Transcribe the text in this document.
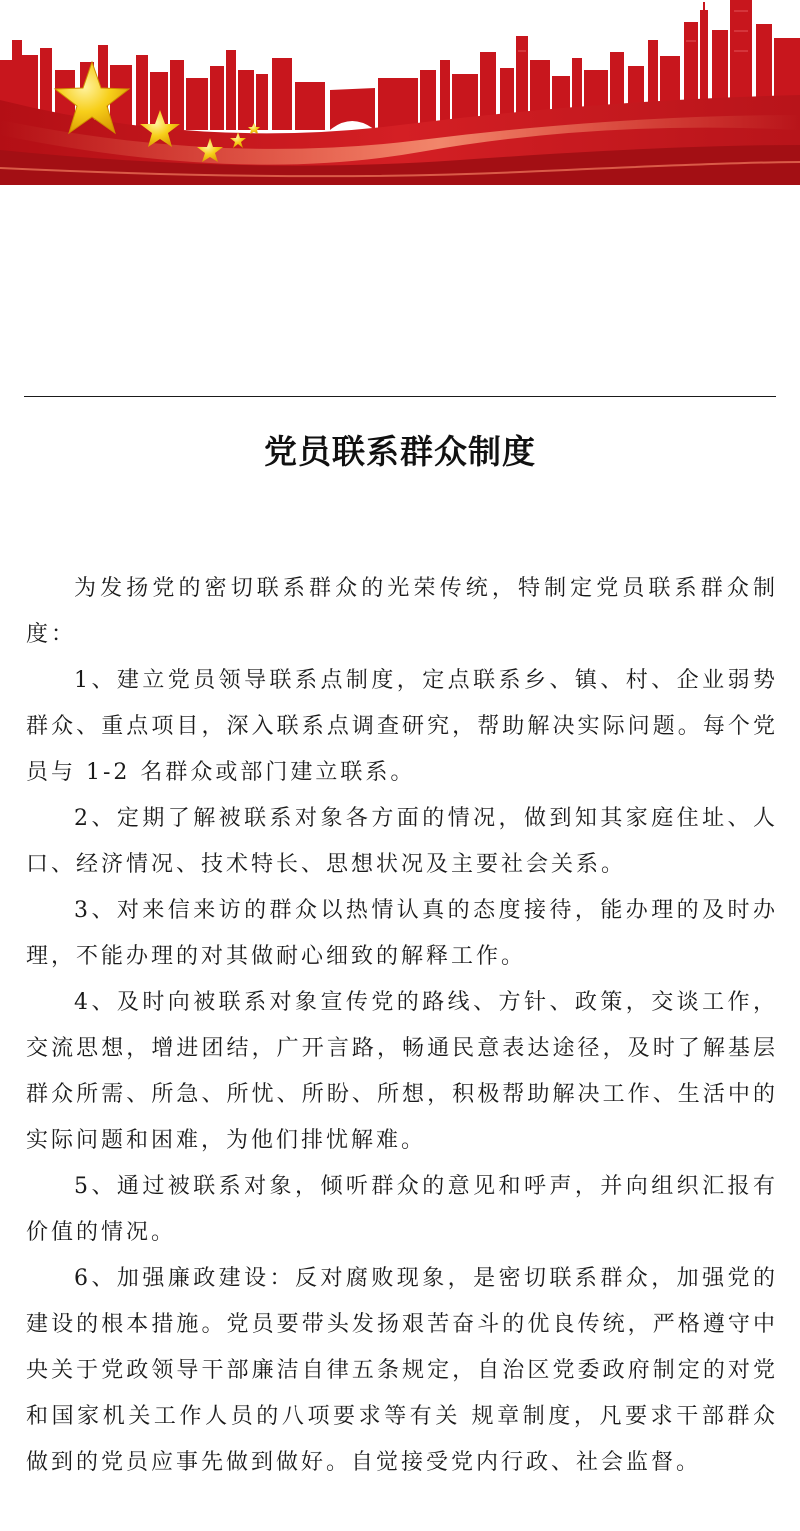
党员联系群众制度

为发扬党的密切联系群众的光荣传统，特制定党员联系群众制度：

1、建立党员领导联系点制度，定点联系乡、镇、村、企业弱势群众、重点项目，深入联系点调查研究，帮助解决实际问题。每个党员与 1-2 名群众或部门建立联系。

2、定期了解被联系对象各方面的情况，做到知其家庭住址、人口、经济情况、技术特长、思想状况及主要社会关系。

3、对来信来访的群众以热情认真的态度接待，能办理的及时办理，不能办理的对其做耐心细致的解释工作。

4、及时向被联系对象宣传党的路线、方针、政策，交谈工作，交流思想，增进团结，广开言路，畅通民意表达途径，及时了解基层群众所需、所急、所忧、所盼、所想，积极帮助解决工作、生活中的实际问题和困难，为他们排忧解难。

5、通过被联系对象，倾听群众的意见和呼声，并向组织汇报有价值的情况。

6、加强廉政建设：反对腐败现象，是密切联系群众，加强党的建设的根本措施。党员要带头发扬艰苦奋斗的优良传统，严格遵守中央关于党政领导干部廉洁自律五条规定，自治区党委政府制定的对党和国家机关工作人员的八项要求等有关 规章制度，凡要求干部群众做到的党员应事先做到做好。自觉接受党内行政、社会监督。
